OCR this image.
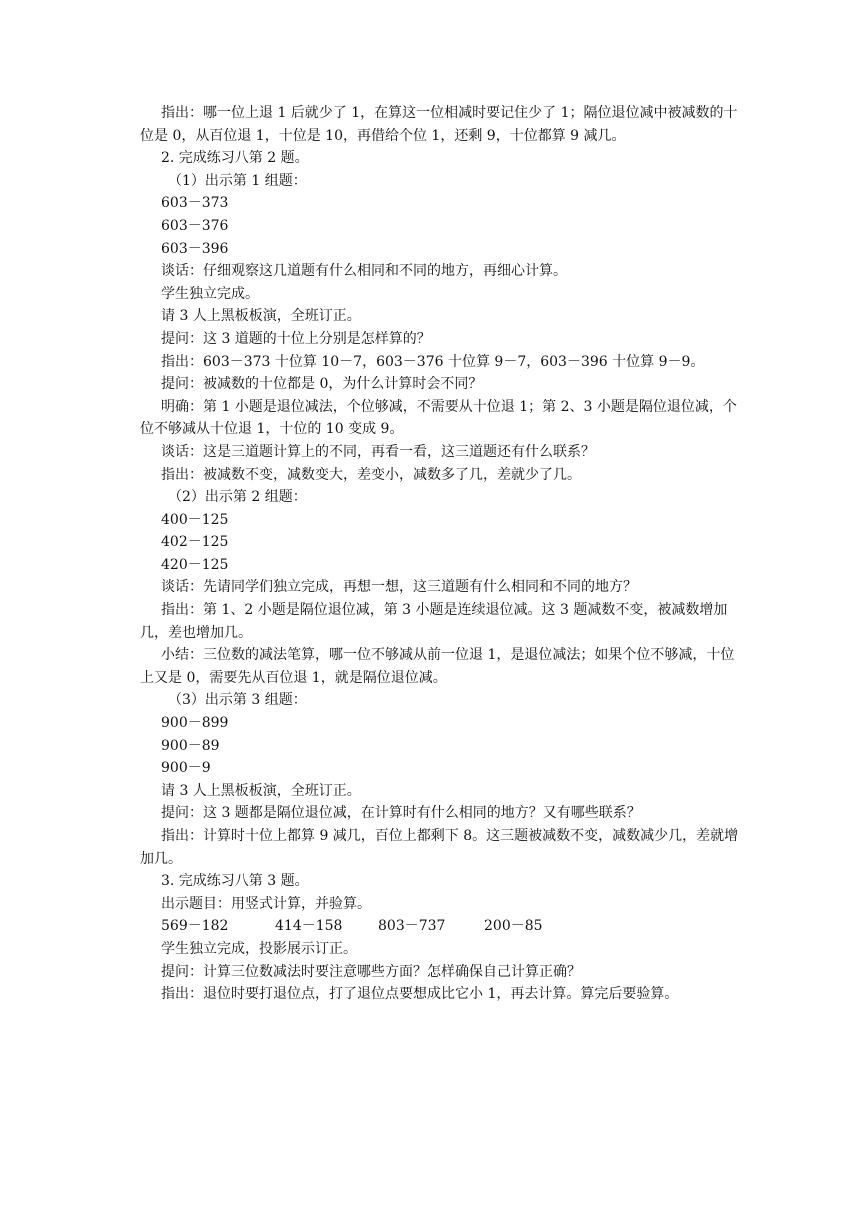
指出：哪一位上退 1 后就少了 1，在算这一位相减时要记住少了 1；隔位退位减中被减数的十位是 0，从百位退 1，十位是 10，再借给个位 1，还剩 9，十位都算 9 减几。

2. 完成练习八第 2 题。

（1）出示第 1 组题：

603－373

603－376

603－396

谈话：仔细观察这几道题有什么相同和不同的地方，再细心计算。

学生独立完成。

请 3 人上黑板板演，全班订正。

提问：这 3 道题的十位上分别是怎样算的？

指出：603－373 十位算 10－7，603－376 十位算 9－7，603－396 十位算 9－9。

提问：被减数的十位都是 0，为什么计算时会不同？

明确：第 1 小题是退位减法，个位够减，不需要从十位退 1；第 2、3 小题是隔位退位减，个位不够减从十位退 1，十位的 10 变成 9。

谈话：这是三道题计算上的不同，再看一看，这三道题还有什么联系？

指出：被减数不变，减数变大，差变小，减数多了几，差就少了几。

（2）出示第 2 组题：

400－125

402－125

420－125

谈话：先请同学们独立完成，再想一想，这三道题有什么相同和不同的地方？

指出：第 1、2 小题是隔位退位减，第 3 小题是连续退位减。这 3 题减数不变，被减数增加几，差也增加几。

小结：三位数的减法笔算，哪一位不够减从前一位退 1，是退位减法；如果个位不够减，十位上又是 0，需要先从百位退 1，就是隔位退位减。

（3）出示第 3 组题：

900－899

900－89

900－9

请 3 人上黑板板演，全班订正。

提问：这 3 题都是隔位退位减，在计算时有什么相同的地方？又有哪些联系？

指出：计算时十位上都算 9 减几，百位上都剩下 8。这三题被减数不变，减数减少几，差就增加几。

3. 完成练习八第 3 题。

出示题目：用竖式计算，并验算。

569－182	414－158	803－737	200－85

学生独立完成，投影展示订正。

提问：计算三位数减法时要注意哪些方面？怎样确保自己计算正确？

指出：退位时要打退位点，打了退位点要想成比它小 1，再去计算。算完后要验算。
